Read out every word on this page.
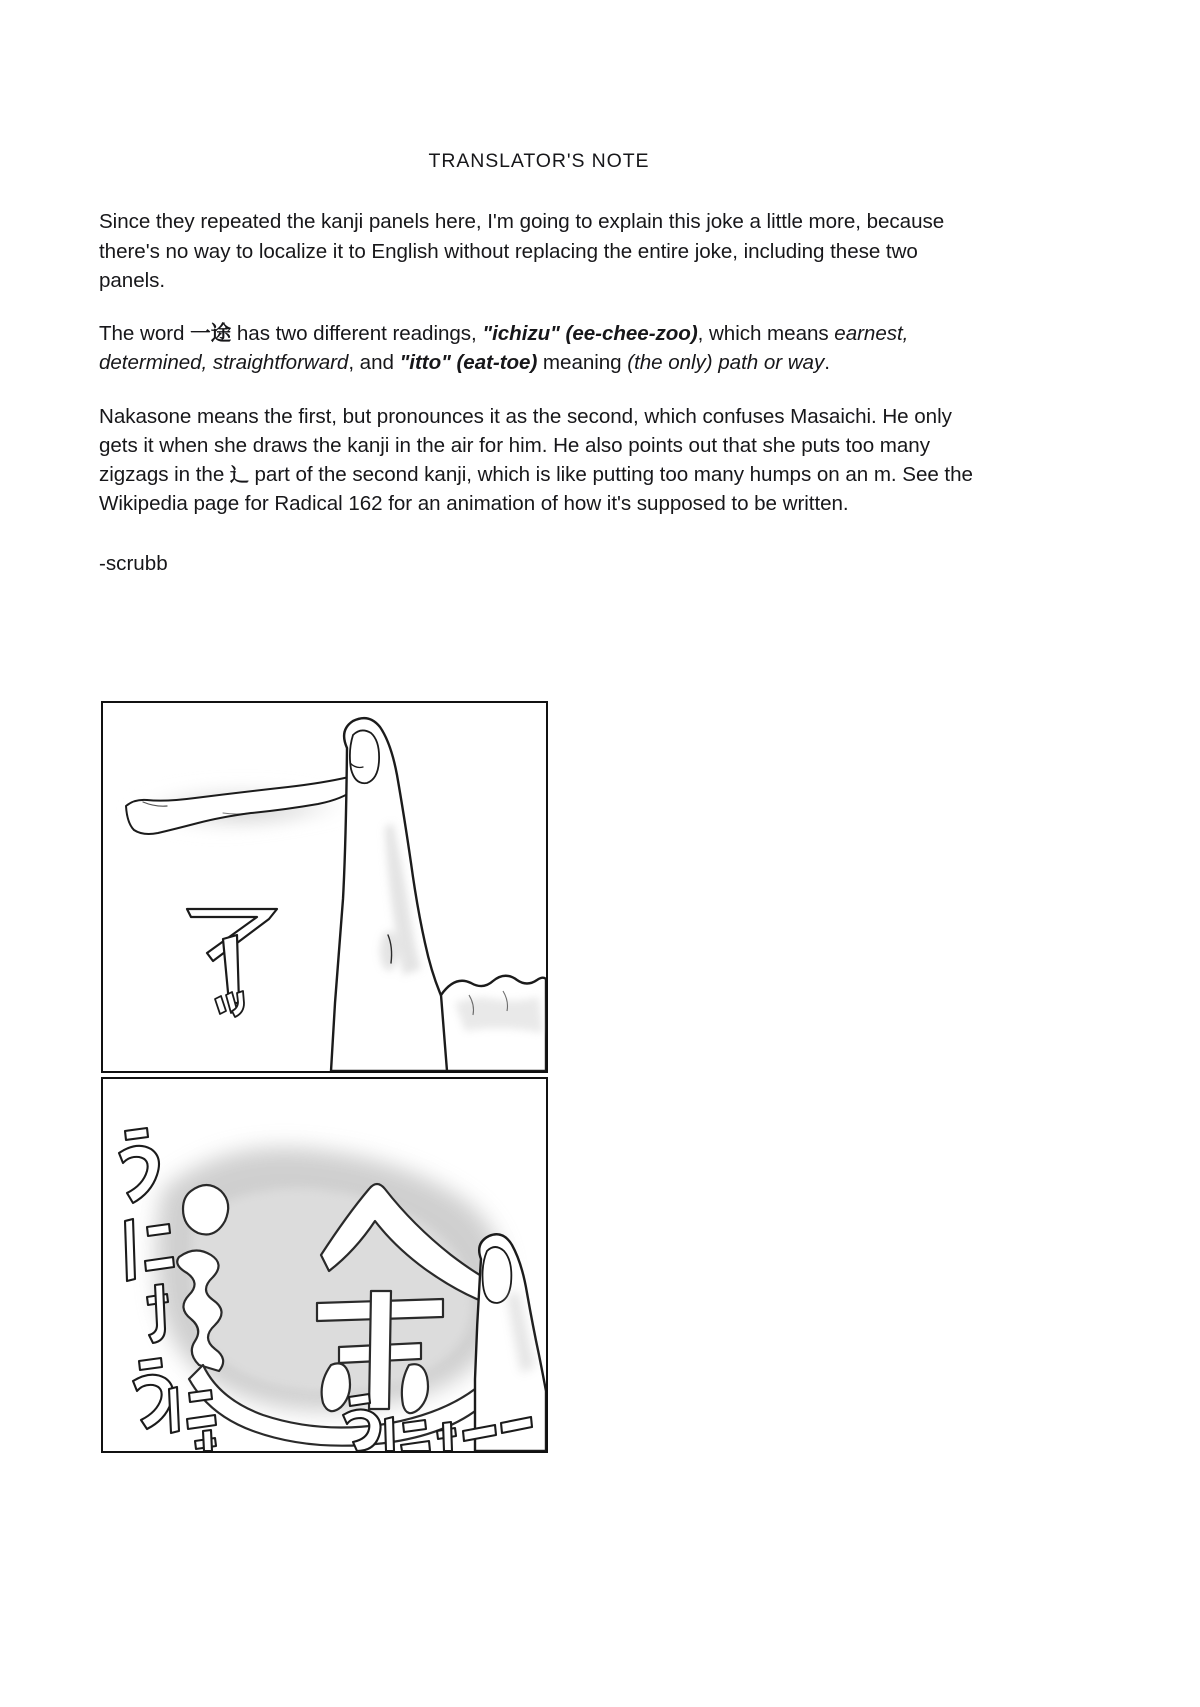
TRANSLATOR'S NOTE

Since they repeated the kanji panels here, I'm going to explain this joke a little more, because there's no way to localize it to English without replacing the entire joke, including these two panels.

The word 一途 has two different readings, "ichizu" (ee-chee-zoo), which means earnest, determined, straightforward, and "itto" (eat-toe) meaning (the only) path or way.

Nakasone means the first, but pronounces it as the second, which confuses Masaichi. He only gets it when she draws the kanji in the air for him. He also points out that she puts too many zigzags in the 辶 part of the second kanji, which is like putting too many humps on an m. See the Wikipedia page for Radical 162 for an animation of how it's supposed to be written.

-scrubb
